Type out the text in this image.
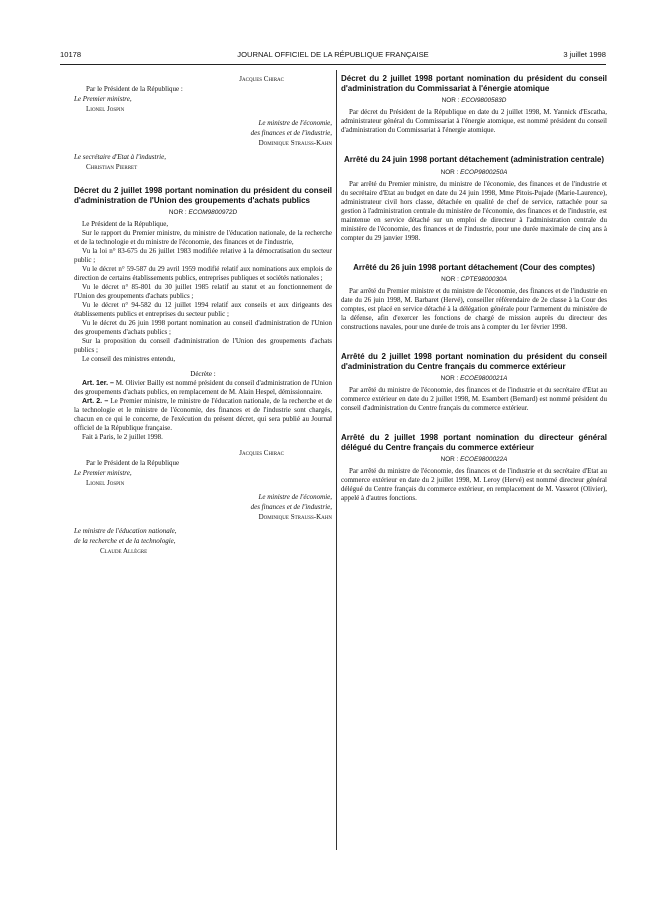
10178	JOURNAL OFFICIEL DE LA RÉPUBLIQUE FRANÇAISE	3 juillet 1998
Jacques Chirac
Par le Président de la République :
Le Premier ministre,
Lionel Jospin
Le ministre de l'économie,
des finances et de l'industrie,
Dominique Strauss-Kahn
Le secrétaire d'Etat à l'industrie,
Christian Pierret
Décret du 2 juillet 1998 portant nomination du président du conseil d'administration de l'Union des groupements d'achats publics
NOR : ECOM9800972D

Le Président de la République,

Sur le rapport du Premier ministre, du ministre de l'éducation nationale, de la recherche et de la technologie et du ministre de l'économie, des finances et de l'industrie,

Vu la loi n° 83-675 du 26 juillet 1983 modifiée relative à la démocratisation du secteur public ;

Vu le décret n° 59-587 du 29 avril 1959 modifié relatif aux nominations aux emplois de direction de certains établissements publics, entreprises publiques et sociétés nationales ;

Vu le décret n° 85-801 du 30 juillet 1985 relatif au statut et au fonctionnement de l'Union des groupements d'achats publics ;

Vu le décret n° 94-582 du 12 juillet 1994 relatif aux conseils et aux dirigeants des établissements publics et entreprises du secteur public ;

Vu le décret du 26 juin 1998 portant nomination au conseil d'administration de l'Union des groupements d'achats publics ;

Sur la proposition du conseil d'administration de l'Union des groupements d'achats publics ;

Le conseil des ministres entendu,

Décrète :

Art. 1er. – M. Olivier Bailly est nommé président du conseil d'administration de l'Union des groupements d'achats publics, en remplacement de M. Alain Hespel, démissionnaire.

Art. 2. – Le Premier ministre, le ministre de l'éducation nationale, de la recherche et de la technologie et le ministre de l'économie, des finances et de l'industrie sont chargés, chacun en ce qui le concerne, de l'exécution du présent décret, qui sera publié au Journal officiel de la République française.

Fait à Paris, le 2 juillet 1998.

Jacques Chirac
Par le Président de la République
Le Premier ministre,
Lionel Jospin
Le ministre de l'économie,
des finances et de l'industrie,
Dominique Strauss-Kahn
Le ministre de l'éducation nationale,
de la recherche et de la technologie,
Claude Allègre
Décret du 2 juillet 1998 portant nomination du président du conseil d'administration du Commissariat à l'énergie atomique
NOR : ECOI9800583D

Par décret du Président de la République en date du 2 juillet 1998, M. Yannick d'Escatha, administrateur général du Commissariat à l'énergie atomique, est nommé président du conseil d'administration du Commissariat à l'énergie atomique.

Arrêté du 24 juin 1998 portant détachement (administration centrale)
NOR : ECOP9800250A

Par arrêté du Premier ministre, du ministre de l'économie, des finances et de l'industrie et du secrétaire d'Etat au budget en date du 24 juin 1998, Mme Pitois-Pujade (Marie-Laurence), administrateur civil hors classe, détachée en qualité de chef de service, rattachée pour sa gestion à l'administration centrale du ministère de l'économie, des finances et de l'industrie, est maintenue en service détaché sur un emploi de directeur à l'administration centrale du ministère de l'économie, des finances et de l'industrie, pour une durée maximale de cinq ans à compter du 29 janvier 1998.

Arrêté du 26 juin 1998 portant détachement (Cour des comptes)
NOR : CPTE9800030A

Par arrêté du Premier ministre et du ministre de l'économie, des finances et de l'industrie en date du 26 juin 1998, M. Barbaret (Hervé), conseiller référendaire de 2e classe à la Cour des comptes, est placé en service détaché à la délégation générale pour l'armement du ministère de la défense, afin d'exercer les fonctions de chargé de mission auprès du directeur des constructions navales, pour une durée de trois ans à compter du 1er février 1998.

Arrêté du 2 juillet 1998 portant nomination du président du conseil d'administration du Centre français du commerce extérieur
NOR : ECOE9800021A

Par arrêté du ministre de l'économie, des finances et de l'industrie et du secrétaire d'Etat au commerce extérieur en date du 2 juillet 1998, M. Esambert (Bernard) est nommé président du conseil d'administration du Centre français du commerce extérieur.

Arrêté du 2 juillet 1998 portant nomination du directeur général délégué du Centre français du commerce extérieur
NOR : ECOE9800022A

Par arrêté du ministre de l'économie, des finances et de l'industrie et du secrétaire d'Etat au commerce extérieur en date du 2 juillet 1998, M. Leroy (Hervé) est nommé directeur général délégué du Centre français du commerce extérieur, en remplacement de M. Vasserot (Olivier), appelé à d'autres fonctions.
